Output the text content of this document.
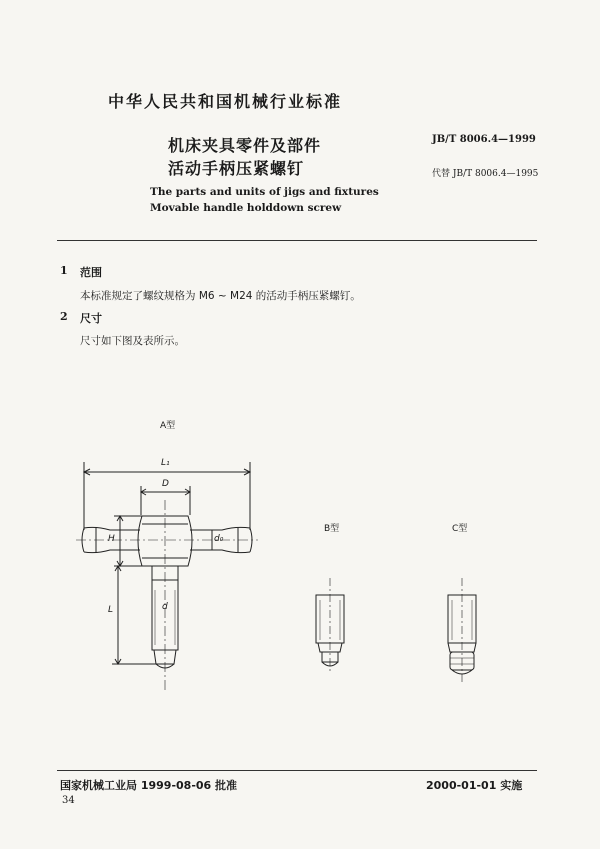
中华人民共和国机械行业标准
机床夹具零件及部件
活动手柄压紧螺钉
JB/T 8006.4—1999
代替 JB/T 8006.4—1995
The parts and units of jigs and fixtures
Movable handle holddown screw
1 范围
本标准规定了螺纹规格为 M6 ~ M24 的活动手柄压紧螺钉。
2 尺寸
尺寸如下图及表所示。
A型
B型	C型
L₁
D
H	d₀
L	d
国家机械工业局 1999-08-06 批准	2000-01-01 实施
34
